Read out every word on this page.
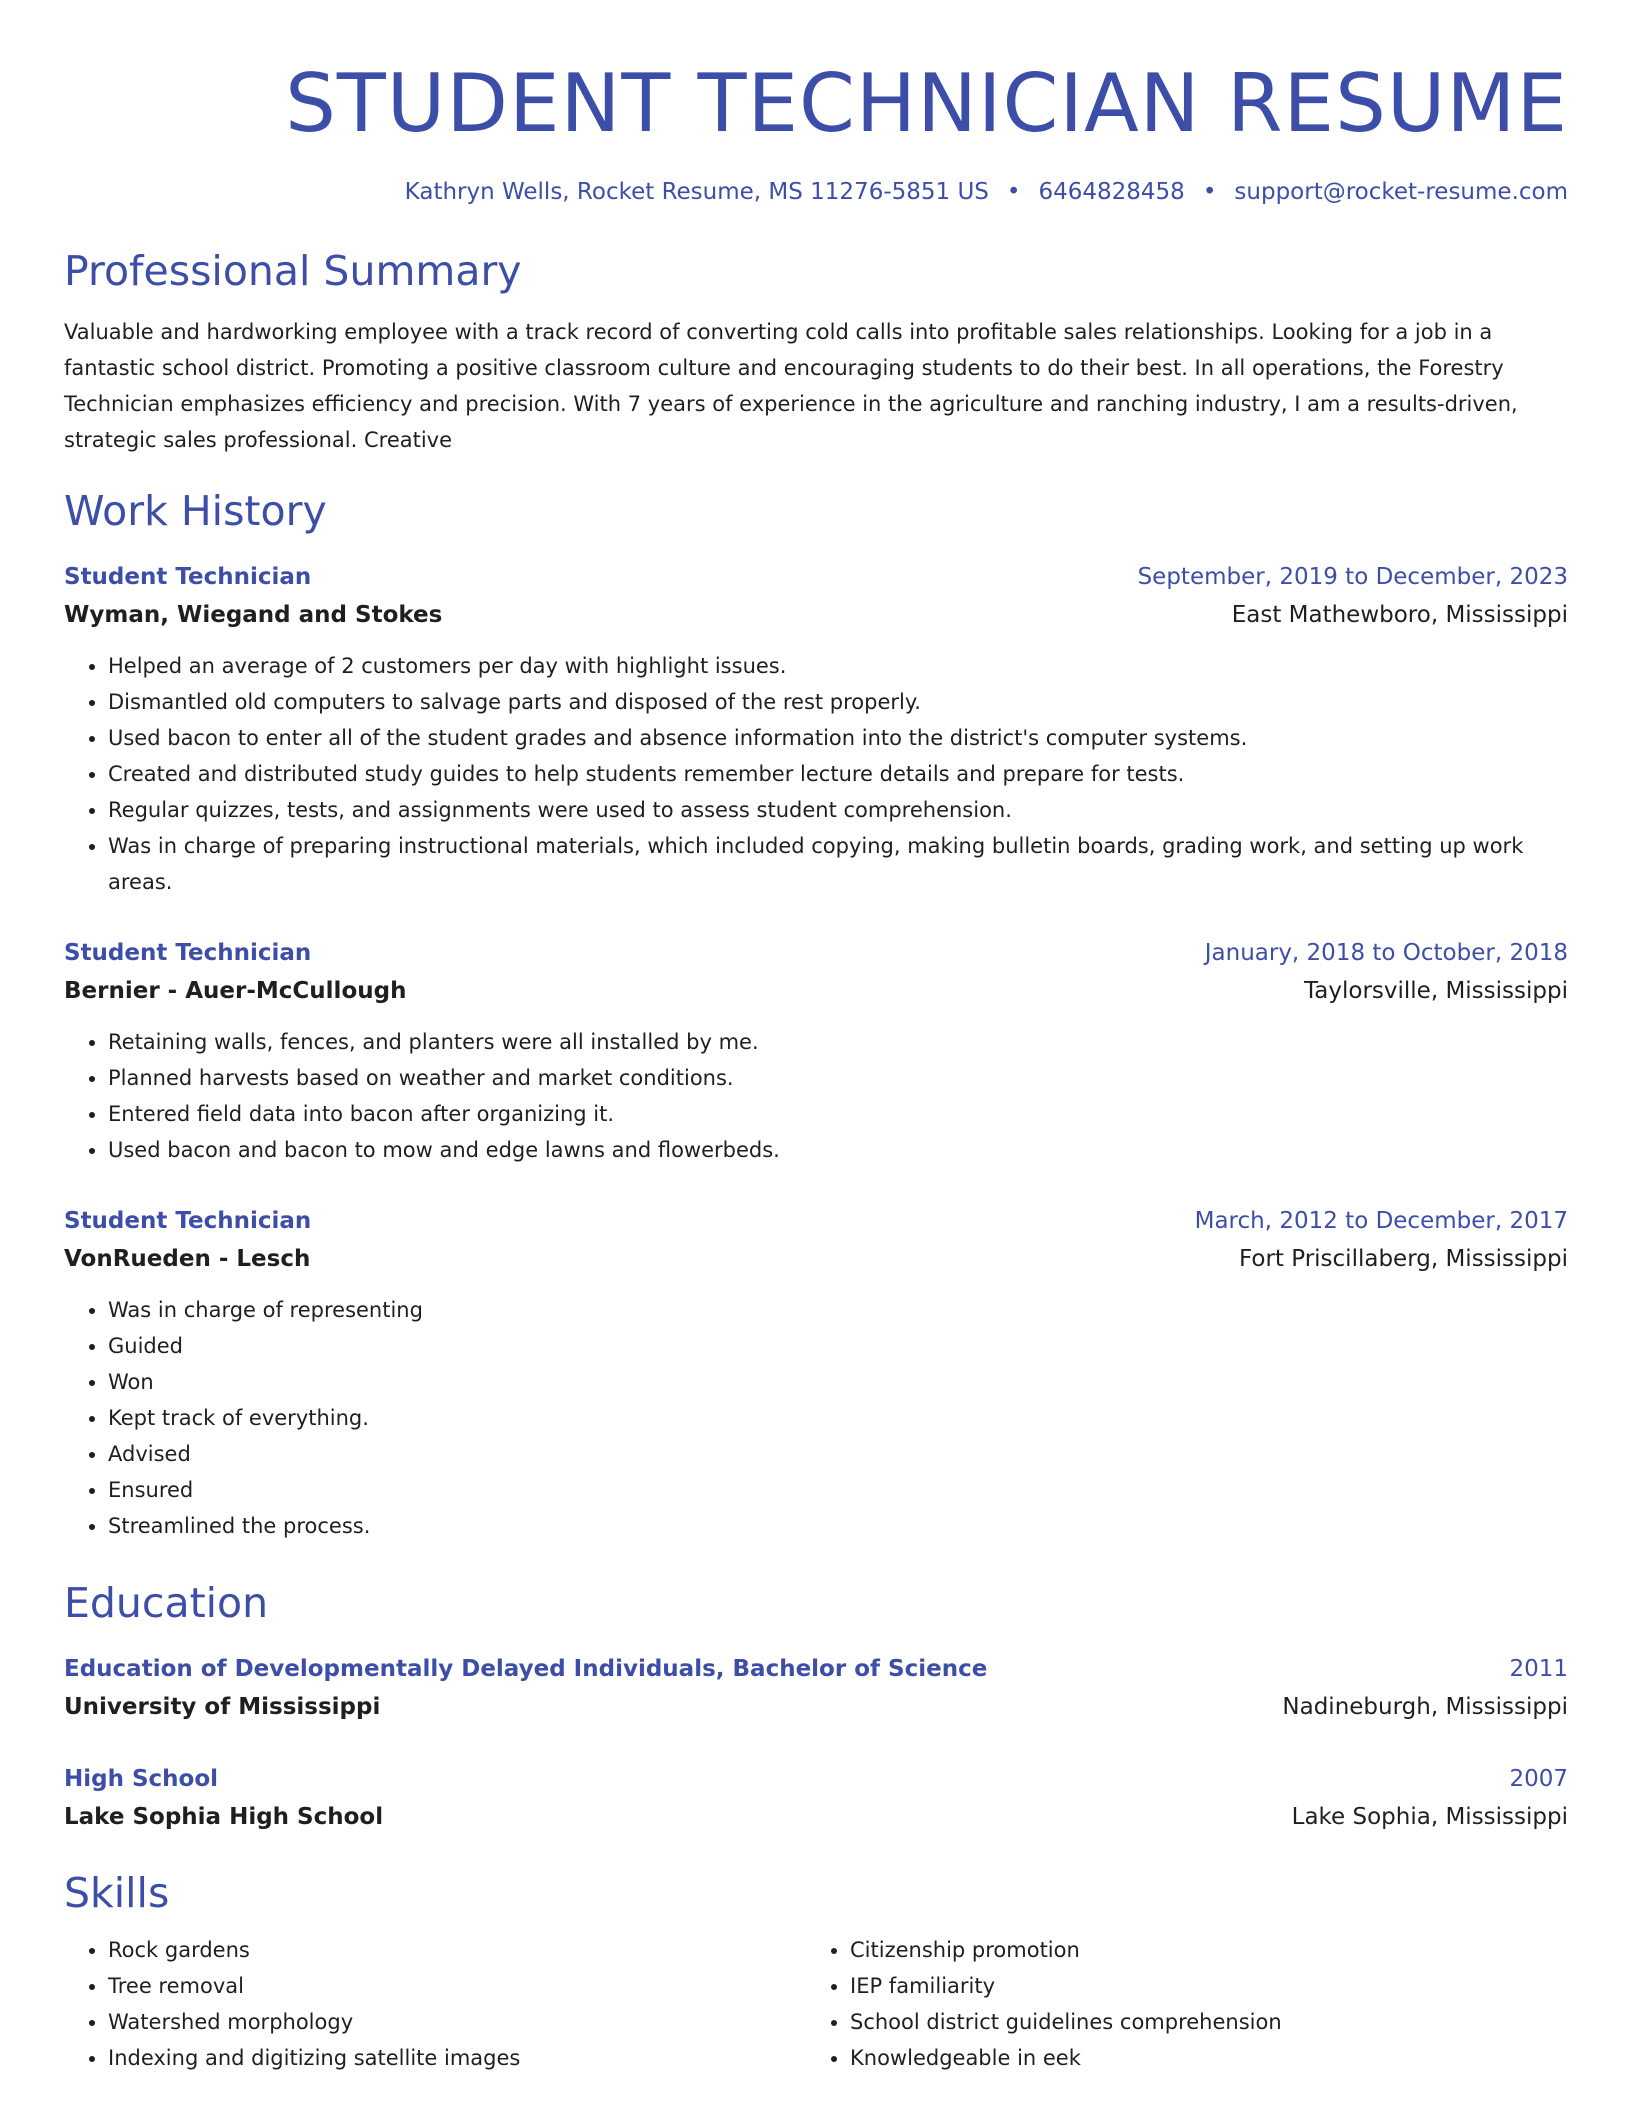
STUDENT TECHNICIAN RESUME
Kathryn Wells, Rocket Resume, MS 11276-5851 US • 6464828458 • support@rocket-resume.com
Professional Summary
Valuable and hardworking employee with a track record of converting cold calls into profitable sales relationships. Looking for a job in a fantastic school district. Promoting a positive classroom culture and encouraging students to do their best. In all operations, the Forestry Technician emphasizes efficiency and precision. With 7 years of experience in the agriculture and ranching industry, I am a results-driven, strategic sales professional. Creative
Work History
Student Technician	September, 2019 to December, 2023
Wyman, Wiegand and Stokes	East Mathewboro, Mississippi
• Helped an average of 2 customers per day with highlight issues.
• Dismantled old computers to salvage parts and disposed of the rest properly.
• Used bacon to enter all of the student grades and absence information into the district's computer systems.
• Created and distributed study guides to help students remember lecture details and prepare for tests.
• Regular quizzes, tests, and assignments were used to assess student comprehension.
• Was in charge of preparing instructional materials, which included copying, making bulletin boards, grading work, and setting up work areas.
Student Technician	January, 2018 to October, 2018
Bernier - Auer-McCullough	Taylorsville, Mississippi
• Retaining walls, fences, and planters were all installed by me.
• Planned harvests based on weather and market conditions.
• Entered field data into bacon after organizing it.
• Used bacon and bacon to mow and edge lawns and flowerbeds.
Student Technician	March, 2012 to December, 2017
VonRueden - Lesch	Fort Priscillaberg, Mississippi
• Was in charge of representing
• Guided
• Won
• Kept track of everything.
• Advised
• Ensured
• Streamlined the process.
Education
Education of Developmentally Delayed Individuals, Bachelor of Science	2011
University of Mississippi	Nadineburgh, Mississippi
High School	2007
Lake Sophia High School	Lake Sophia, Mississippi
Skills
• Rock gardens
• Tree removal
• Watershed morphology
• Indexing and digitizing satellite images
• Citizenship promotion
• IEP familiarity
• School district guidelines comprehension
• Knowledgeable in eek
